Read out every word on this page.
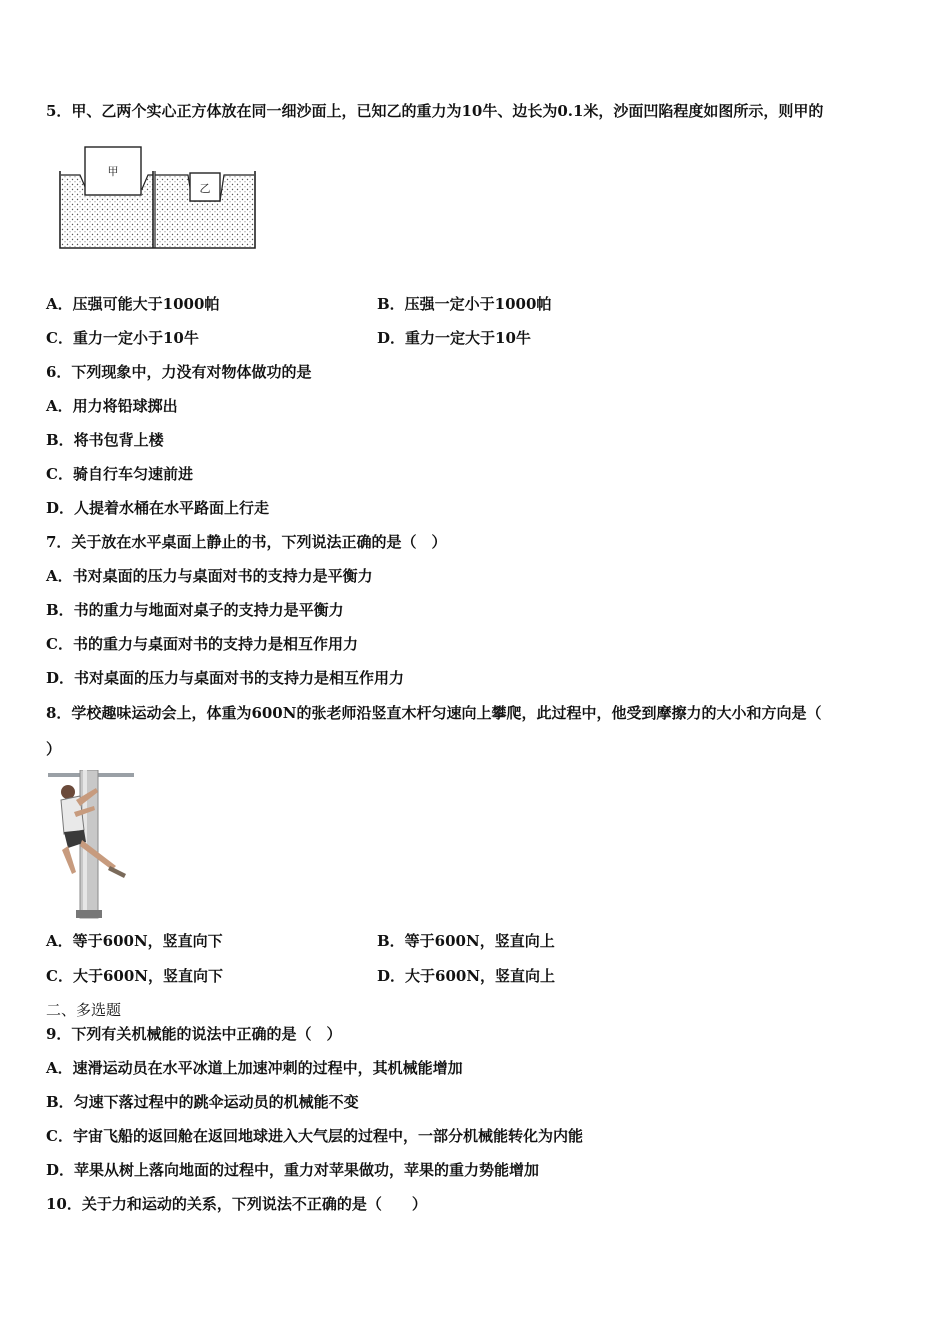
5．甲、乙两个实心正方体放在同一细沙面上，已知乙的重力为10牛、边长为0.1米，沙面凹陷程度如图所示，则甲的
甲
乙
A．压强可能大于1000帕	B．压强一定小于1000帕
C．重力一定小于10牛	D．重力一定大于10牛
6．下列现象中，力没有对物体做功的是
A．用力将铅球掷出
B．将书包背上楼
C．骑自行车匀速前进
D．人提着水桶在水平路面上行走
7．关于放在水平桌面上静止的书，下列说法正确的是（　）
A．书对桌面的压力与桌面对书的支持力是平衡力
B．书的重力与地面对桌子的支持力是平衡力
C．书的重力与桌面对书的支持力是相互作用力
D．书对桌面的压力与桌面对书的支持力是相互作用力
8．学校趣味运动会上，体重为600N的张老师沿竖直木杆匀速向上攀爬，此过程中，他受到摩擦力的大小和方向是（
）
A．等于600N，竖直向下	B．等于600N，竖直向上
C．大于600N，竖直向下	D．大于600N，竖直向上
二、多选题
9．下列有关机械能的说法中正确的是（　）
A．速滑运动员在水平冰道上加速冲刺的过程中，其机械能增加
B．匀速下落过程中的跳伞运动员的机械能不变
C．宇宙飞船的返回舱在返回地球进入大气层的过程中，一部分机械能转化为内能
D．苹果从树上落向地面的过程中，重力对苹果做功，苹果的重力势能增加
10．关于力和运动的关系，下列说法不正确的是（　　）
